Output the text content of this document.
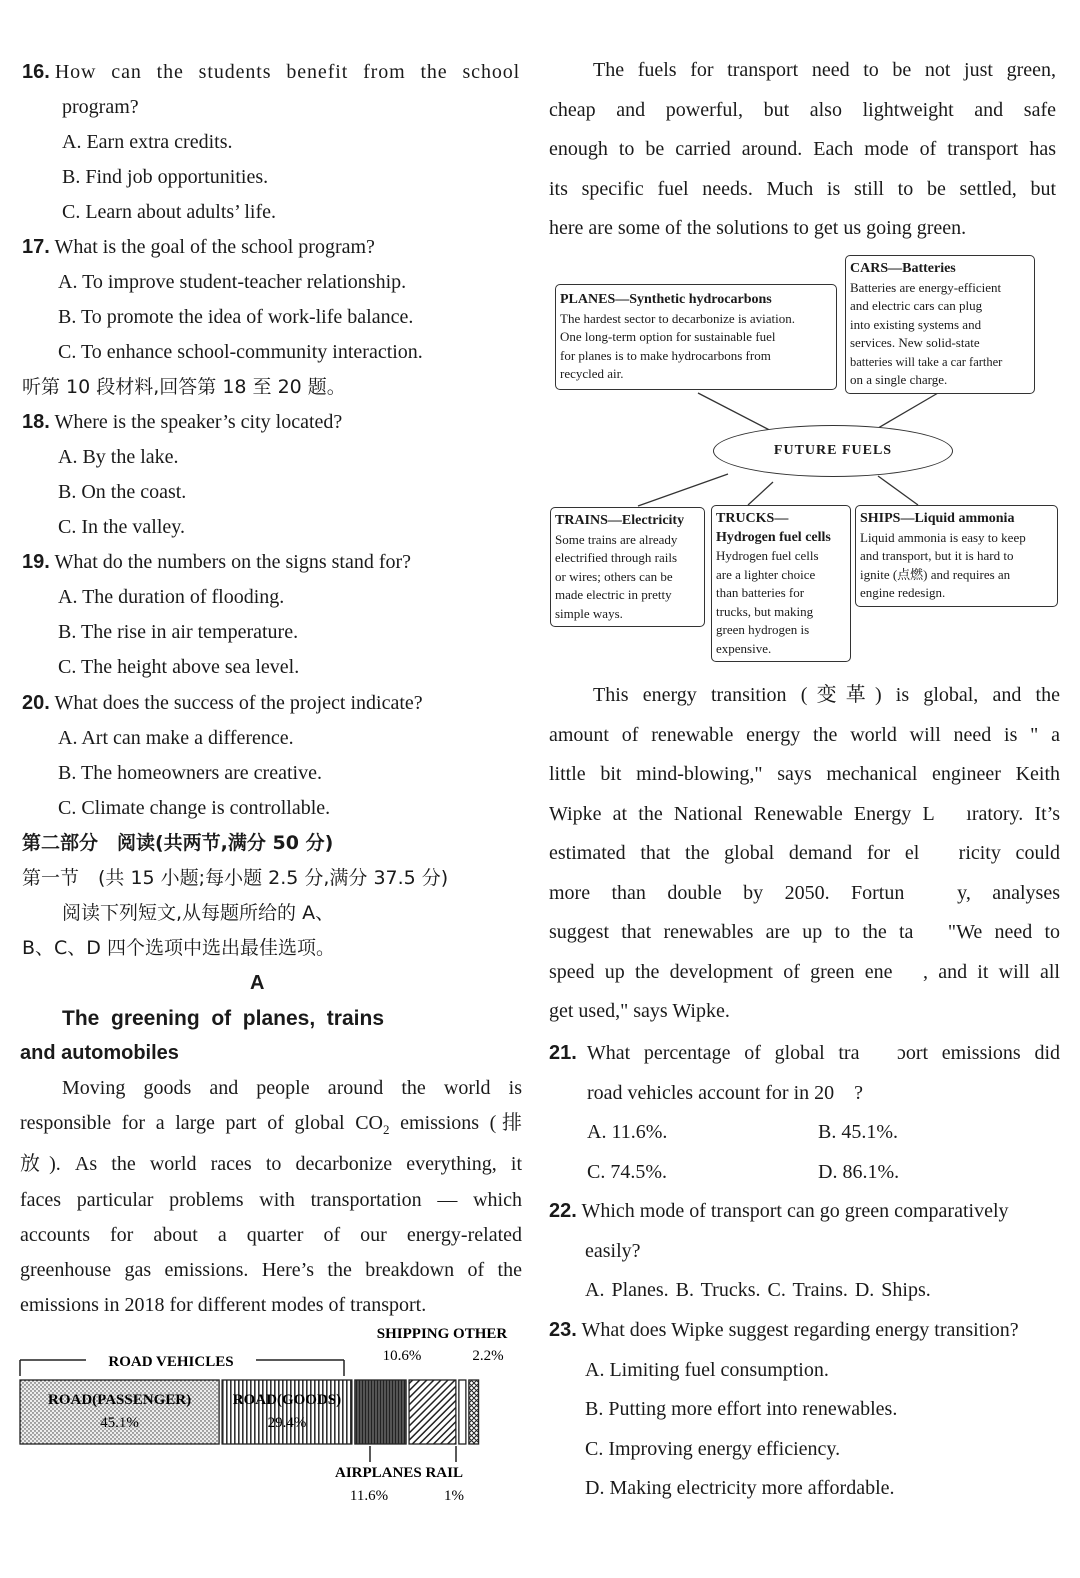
16. How can the students benefit from the school
program?
A. Earn extra credits.
B. Find job opportunities.
C. Learn about adults’ life.
17. What is the goal of the school program?
A. To improve student-teacher relationship.
B. To promote the idea of work-life balance.
C. To enhance school-community interaction.
听第 10 段材料,回答第 18 至 20 题。
18. Where is the speaker’s city located?
A. By the lake.
B. On the coast.
C. In the valley.
19. What do the numbers on the signs stand for?
A. The duration of flooding.
B. The rise in air temperature.
C. The height above sea level.
20. What does the success of the project indicate?
A. Art can make a difference.
B. The homeowners are creative.
C. Climate change is controllable.
第二部分　阅读(共两节,满分 50 分)
第一节　(共 15 小题;每小题 2.5 分,满分 37.5 分)
阅读下列短文,从每题所给的 A、
B、C、D 四个选项中选出最佳选项。
A
The greening of planes, trains
and automobiles
Moving goods and people around the world is
responsible for a large part of global $CO_2$ emissions (排
放). As the world races to decarbonize everything, it
faces particular problems with transportation — which
accounts for about a quarter of our energy-related
greenhouse gas emissions. Here’s the breakdown of the
emissions in 2018 for different modes of transport.
ROAD VEHICLES
ROAD(PASSENGER)
45.1%
ROAD(GOODS)
29.4%
SHIPPING OTHER
10.6%	2.2%
AIRPLANES RAIL
11.6%	1%
The fuels for transport need to be not just green,
cheap and powerful, but also lightweight and safe
enough to be carried around. Each mode of transport has
its specific fuel needs. Much is still to be settled, but
here are some of the solutions to get us going green.
FUTURE FUELS
CARS—Batteries
Batteries are energy-efficient
and electric cars can plug
into existing systems and
services. New solid-state
batteries will take a car farther
on a single charge.
PLANES—Synthetic hydrocarbons
The hardest sector to decarbonize is aviation.
One long-term option for sustainable fuel
for planes is to make hydrocarbons from
recycled air.
TRAINS—Electricity
Some trains are already
electrified through rails
or wires; others can be
made electric in pretty
simple ways.
TRUCKS—
Hydrogen fuel cells
Hydrogen fuel cells
are a lighter choice
than batteries for
trucks, but making
green hydrogen is
expensive.
SHIPS—Liquid ammonia
Liquid ammonia is easy to keep
and transport, but it is hard to
ignite (点燃) and requires an
engine redesign.
This energy transition (变革) is global, and the
amount of renewable energy the world will need is " a
little bit mind-blowing," says mechanical engineer Keith
Wipke at the National Renewable Energy L　ıratory. It’s
estimated that the global demand for el　ricity could
more than double by 2050. Fortun　y, analyses
suggest that renewables are up to the ta　"We need to
speed up the development of green ene　, and it will all
get used," says Wipke.
21. What percentage of global tra　ɔort emissions did
road vehicles account for in 20　?
A. 11.6%.	B. 45.1%.
C. 74.5%.	D. 86.1%.
22. Which mode of transport can go green comparatively
easily?
A. Planes. B. Trucks. C. Trains. D. Ships.
23. What does Wipke suggest regarding energy transition?
A. Limiting fuel consumption.
B. Putting more effort into renewables.
C. Improving energy efficiency.
D. Making electricity more affordable.
